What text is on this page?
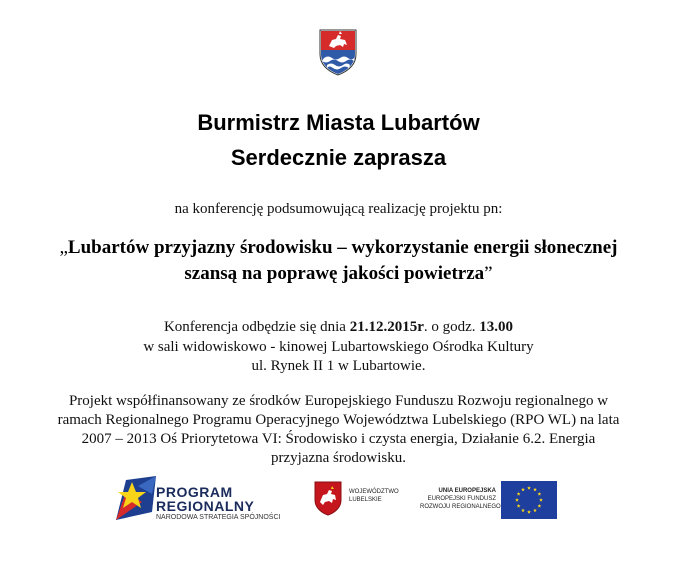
Burmistrz Miasta Lubartów
Serdecznie zaprasza
na konferencję podsumowującą realizację projektu pn:
„Lubartów przyjazny środowisku – wykorzystanie energii słonecznej
szansą na poprawę jakości powietrza”
Konferencja odbędzie się dnia 21.12.2015r. o godz. 13.00
w sali widowiskowo - kinowej Lubartowskiego Ośrodka Kultury
ul. Rynek II 1 w Lubartowie.
Projekt współfinansowany ze środków Europejskiego Funduszu Rozwoju regionalnego w
ramach Regionalnego Programu Operacyjnego Województwa Lubelskiego (RPO WL) na lata
2007 – 2013 Oś Priorytetowa VI: Środowisko i czysta energia, Działanie 6.2. Energia
przyjazna środowisku.
PROGRAM
REGIONALNY
NARODOWA STRATEGIA SPÓJNOŚCI
WOJEWÓDZTWO
LUBELSKIE
UNIA EUROPEJSKA
EUROPEJSKI FUNDUSZ
ROZWOJU REGIONALNEGO
